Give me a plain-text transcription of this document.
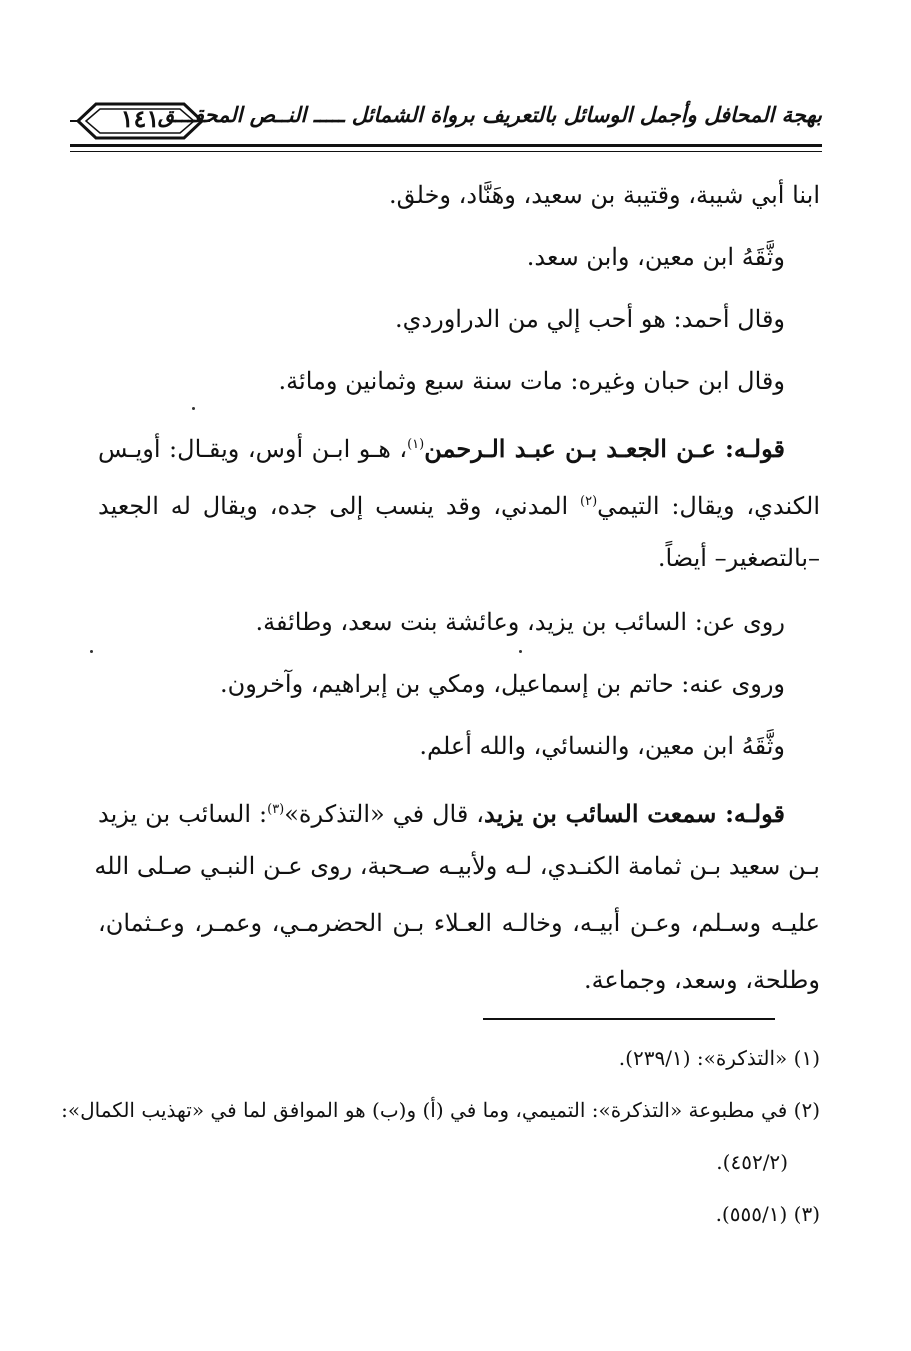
١٤١
بهجة المحافل وأجمل الوسائل بالتعريف برواة الشمائل ـــــ النــص المحقـــق
ابنا أبي شيبة، وقتيبة بن سعيد، وهَنَّاد، وخلق.
وثَّقَهُ ابن معين، وابن سعد.
وقال أحمد: هو أحب إلي من الدراوردي.
وقال ابن حبان وغيره: مات سنة سبع وثمانين ومائة.
قولـه: عـن الجعـد بـن عبـد الـرحمن$^{(١)}$، هـو ابـن أوس، ويقـال: أويـس
الكندي، ويقال: التيمي$^{(٢)}$ المدني، وقد ينسب إلى جده، ويقال له الجعيد
–بالتصغير– أيضاً.
روى عن: السائب بن يزيد، وعائشة بنت سعد، وطائفة.
وروى عنه: حاتم بن إسماعيل، ومكي بن إبراهيم، وآخرون.
وثَّقَهُ ابن معين، والنسائي، والله أعلم.
قولـه: سمعت السائب بن يزيد، قال في «التذكرة»$^{(٣)}$: السائب بن يزيد
بـن سعيد بـن ثمامة الكنـدي، لـه ولأبيـه صـحبة، روى عـن النبـي صـلى الله
عليـه وسـلم، وعـن أبيـه، وخالـه العـلاء بـن الحضرمـي، وعمـر، وعـثمان،
وطلحة، وسعد، وجماعة.
(١) «التذكرة»: (٢٣٩/١).
(٢) في مطبوعة «التذكرة»: التميمي، وما في (أ) و(ب) هو الموافق لما في «تهذيب الكمال»:
(٤٥٢/٢).
(٣) (٥٥٥/١).
